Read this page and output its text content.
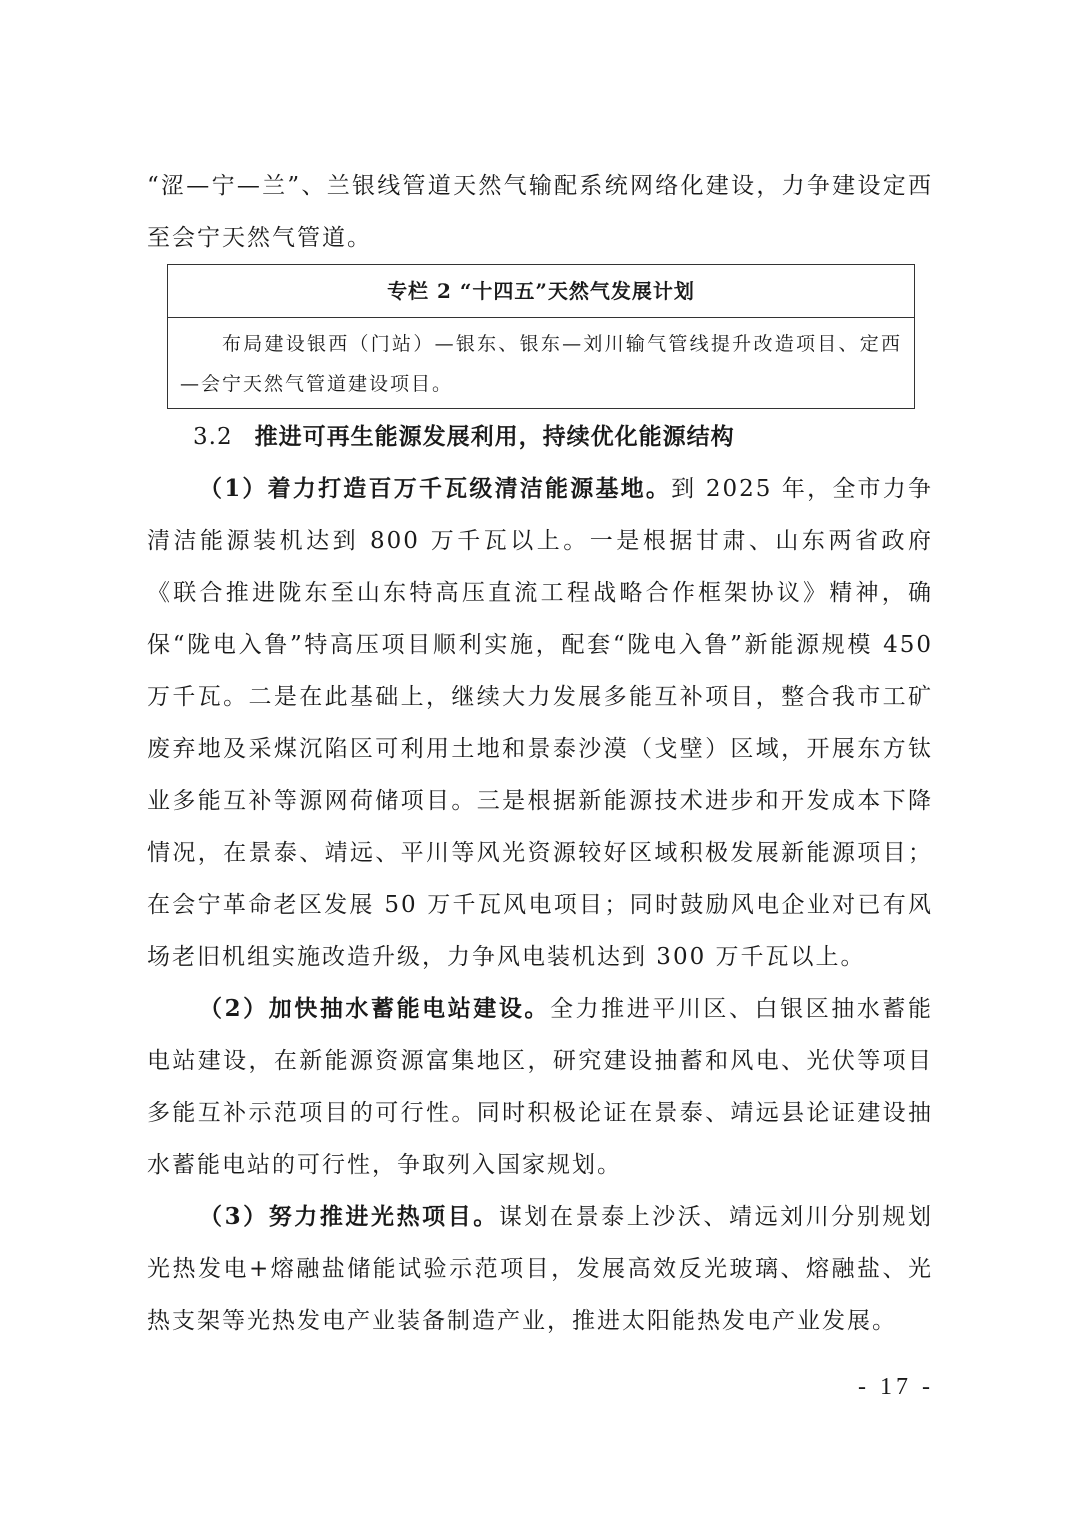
“涩—宁—兰”、兰银线管道天然气输配系统网络化建设，力争建设定西至会宁天然气管道。

专栏 2 “十四五”天然气发展计划
布局建设银西（门站）—银东、银东—刘川输气管线提升改造项目、定西—会宁天然气管道建设项目。

3.2 推进可再生能源发展利用，持续优化能源结构

（1）着力打造百万千瓦级清洁能源基地。到 2025 年，全市力争清洁能源装机达到 800 万千瓦以上。一是根据甘肃、山东两省政府《联合推进陇东至山东特高压直流工程战略合作框架协议》精神，确保“陇电入鲁”特高压项目顺利实施，配套“陇电入鲁”新能源规模 450 万千瓦。二是在此基础上，继续大力发展多能互补项目，整合我市工矿废弃地及采煤沉陷区可利用土地和景泰沙漠（戈壁）区域，开展东方钛业多能互补等源网荷储项目。三是根据新能源技术进步和开发成本下降情况，在景泰、靖远、平川等风光资源较好区域积极发展新能源项目；在会宁革命老区发展 50 万千瓦风电项目；同时鼓励风电企业对已有风场老旧机组实施改造升级，力争风电装机达到 300 万千瓦以上。

（2）加快抽水蓄能电站建设。全力推进平川区、白银区抽水蓄能电站建设，在新能源资源富集地区，研究建设抽蓄和风电、光伏等项目多能互补示范项目的可行性。同时积极论证在景泰、靖远县论证建设抽水蓄能电站的可行性，争取列入国家规划。

（3）努力推进光热项目。谋划在景泰上沙沃、靖远刘川分别规划光热发电+熔融盐储能试验示范项目，发展高效反光玻璃、熔融盐、光热支架等光热发电产业装备制造产业，推进太阳能热发电产业发展。

- 17 -
